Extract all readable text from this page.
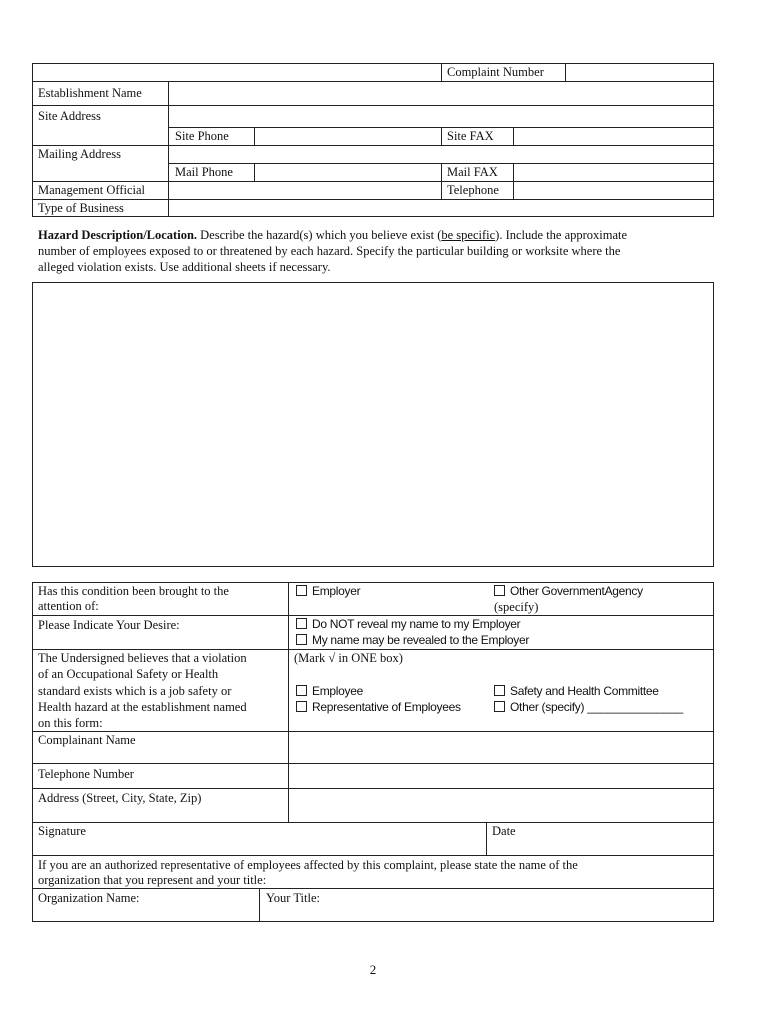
Complaint Number
Establishment Name
Site Address
Site Phone	Site FAX
Mailing Address
Mail Phone	Mail FAX
Management Official	Telephone
Type of Business
Hazard Description/Location. Describe the hazard(s) which you believe exist (be specific). Include the approximate
number of employees exposed to or threatened by each hazard. Specify the particular building or worksite where the
alleged violation exists. Use additional sheets if necessary.
Has this condition been brought to the
attention of:
Employer	Other GovernmentAgency
(specify)
Please Indicate Your Desire:	Do NOT reveal my name to my Employer
My name may be revealed to the Employer
The Undersigned believes that a violation
of an Occupational Safety or Health
standard exists which is a job safety or
Health hazard at the establishment named
on this form:
(Mark √ in ONE box)
Employee	Safety and Health Committee
Representative of Employees	Other (specify) _______________
Complainant Name
Telephone Number
Address (Street, City, State, Zip)
Signature	Date
If you are an authorized representative of employees affected by this complaint, please state the name of the
organization that you represent and your title:
Organization Name:	Your Title:
2
